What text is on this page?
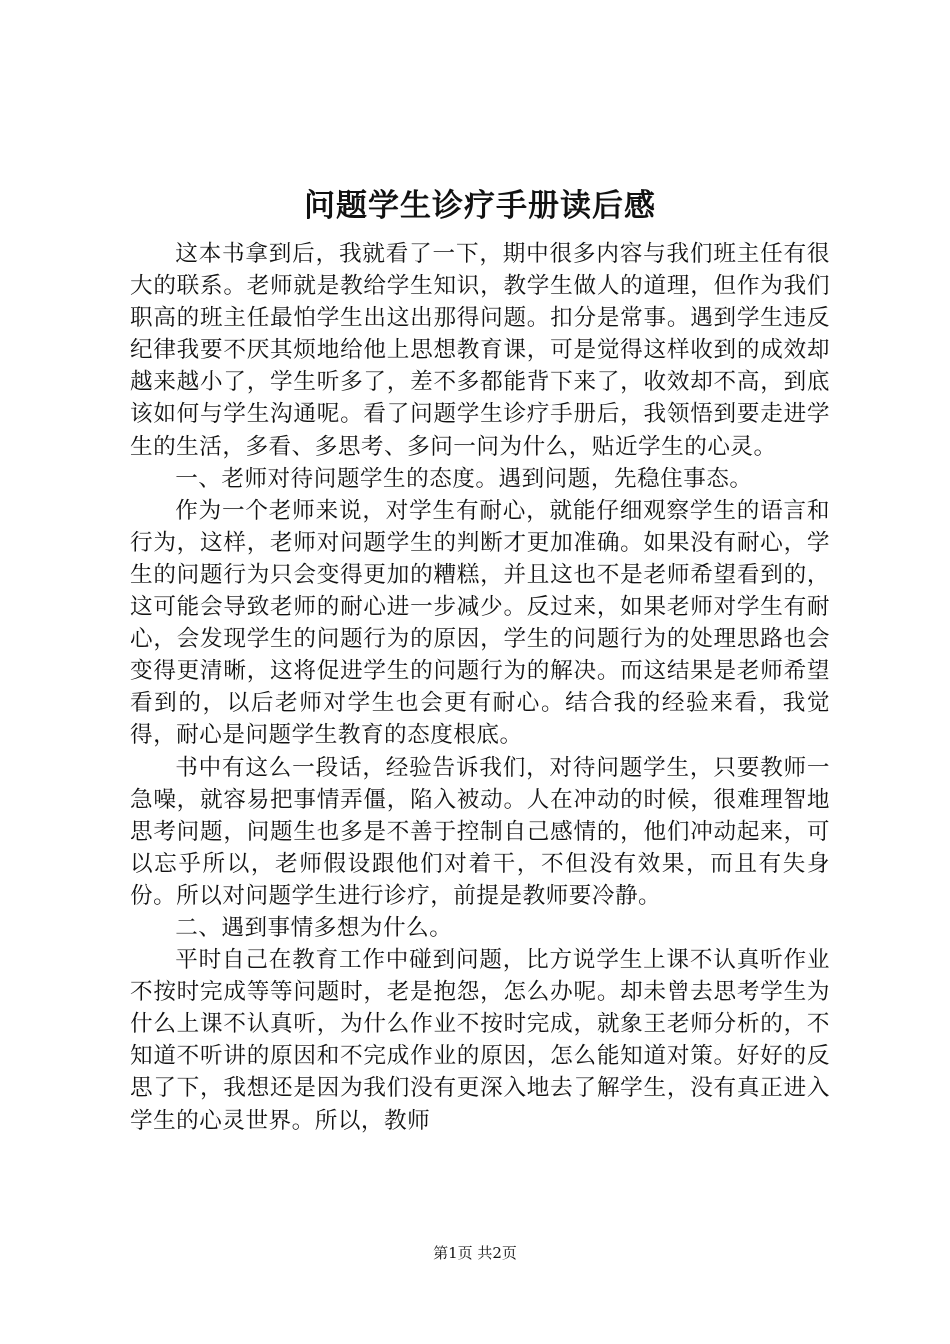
问题学生诊疗手册读后感

这本书拿到后，我就看了一下，期中很多内容与我们班主任有很大的联系。老师就是教给学生知识，教学生做人的道理，但作为我们职高的班主任最怕学生出这出那得问题。扣分是常事。遇到学生违反纪律我要不厌其烦地给他上思想教育课，可是觉得这样收到的成效却越来越小了，学生听多了，差不多都能背下来了，收效却不高，到底该如何与学生沟通呢。看了问题学生诊疗手册后，我领悟到要走进学生的生活，多看、多思考、多问一问为什么，贴近学生的心灵。

一、老师对待问题学生的态度。遇到问题，先稳住事态。

作为一个老师来说，对学生有耐心，就能仔细观察学生的语言和行为，这样，老师对问题学生的判断才更加准确。如果没有耐心，学生的问题行为只会变得更加的糟糕，并且这也不是老师希望看到的，这可能会导致老师的耐心进一步减少。反过来，如果老师对学生有耐心，会发现学生的问题行为的原因，学生的问题行为的处理思路也会变得更清晰，这将促进学生的问题行为的解决。而这结果是老师希望看到的，以后老师对学生也会更有耐心。结合我的经验来看，我觉得，耐心是问题学生教育的态度根底。

书中有这么一段话，经验告诉我们，对待问题学生，只要教师一急噪，就容易把事情弄僵，陷入被动。人在冲动的时候，很难理智地思考问题，问题生也多是不善于控制自己感情的，他们冲动起来，可以忘乎所以，老师假设跟他们对着干，不但没有效果，而且有失身份。所以对问题学生进行诊疗，前提是教师要冷静。

二、遇到事情多想为什么。

平时自己在教育工作中碰到问题，比方说学生上课不认真听作业不按时完成等等问题时，老是抱怨，怎么办呢。却未曾去思考学生为什么上课不认真听，为什么作业不按时完成，就象王老师分析的，不知道不听讲的原因和不完成作业的原因，怎么能知道对策。好好的反思了下，我想还是因为我们没有更深入地去了解学生，没有真正进入学生的心灵世界。所以，教师

第1页 共2页
